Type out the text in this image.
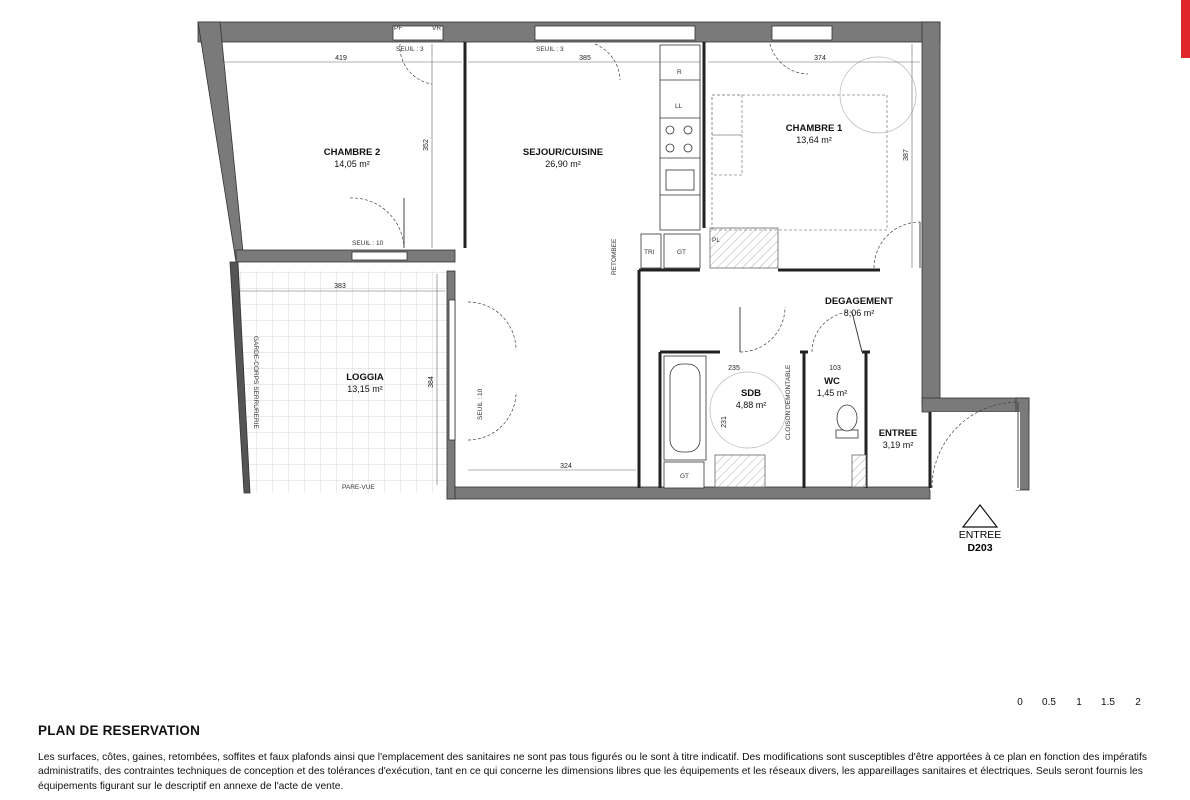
CHAMBRE 2
14,05 m²
SEJOUR/CUISINE
26,90 m²
CHAMBRE 1
13,64 m²
DEGAGEMENT
8,06 m²
LOGGIA
13,15 m²	SDB
4,88 m²
WC
1,45 m²
ENTREE
3,19 m²
419	385	374
352
387
383
384
324
235
231
103
SEUIL : 3	SEUIL : 3
SEUIL : 10
SEUIL : 10
R
LL
TRI	GT
GT
PL
PF	VR
PARE-VUE
GARDE-CORPS SERRURERIE	CLOISON DEMONTABLE
RETOMBEE
ENTREE
D203
0 0.5 1 1.5 2
PLAN DE RESERVATION
Les surfaces, côtes, gaines, retombées, soffites et faux plafonds ainsi que l'emplacement des sanitaires ne sont pas tous figurés ou le sont à titre indicatif. Des modifications sont susceptibles d'être apportées à ce plan en fonction des impératifs
administratifs, des contraintes techniques de conception et des tolérances d'exécution, tant en ce qui concerne les dimensions libres que les équipements et les réseaux divers, les appareillages sanitaires et électriques. Seuls seront fournis les
équipements figurant sur le descriptif en annexe de l'acte de vente.
